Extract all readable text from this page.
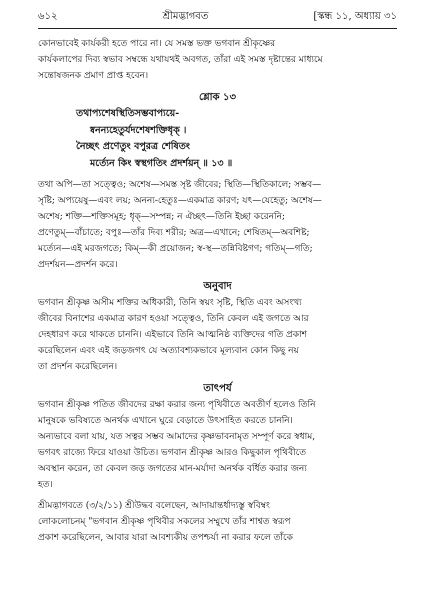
৬১২	শ্রীমদ্ভাগবত	[স্কন্ধ ১১, অধ্যায় ৩১

কোনভাবেই কার্যকরী হতে পারে না। যে সমস্ত ভক্ত ভগবান শ্রীকৃষ্ণের

কার্যকলাপের দিব্য স্বভাব সম্বন্ধে যথাযথই অবগত, তাঁরা এই সমস্ত দৃষ্টান্তের মাধ্যমে

সন্তোষজনক প্রমাণ প্রাপ্ত হবেন।

শ্লোক ১৩
তথাপ্যশেষস্থিতিসম্ভবাপ্যয়ে-
ষ্বনন্যহেতুর্যদশেষশক্তিধৃক্ ।
নৈচ্ছৎ প্রণেতুং বপুরত্র শেষিতং
মর্ত্যেন কিং স্বস্থগতিং প্রদর্শয়ন্ ॥ ১৩ ॥

তথা অপি—তা সত্ত্বেও; অশেষ—সমস্ত সৃষ্ট জীবের; স্থিতি—স্থিতিকালে; সম্ভব—

সৃষ্টি; অপ্যয়েষু—এবং লয়; অনন্য-হেতুঃ—একমাত্র কারণ; যৎ—যেহেতু; অশেষ—

অশেষ; শক্তি—শক্তিসমূহ; ধৃক্—সম্পন্ন; ন ঐচ্ছৎ—তিনি ইচ্ছা করেননি;

প্রণেতুম্—বাঁচাতে; বপুঃ—তাঁর দিব্য শরীর; অত্র—এখানে; শেষিতম্—অবশিষ্ট;

মর্ত্যেন—এই মরজগতে; কিম্—কী প্রয়োজন; স্ব-স্থ—তন্নিবিষ্টগণ; গতিম্—গতি;

প্রদর্শয়ন—প্রদর্শন করে।

অনুবাদ

ভগবান শ্রীকৃষ্ণ অসীম শক্তির অধিকারী, তিনি স্বয়ং সৃষ্টি, স্থিতি এবং অসংখ্য

জীবের বিনাশের একমাত্র কারণ হওয়া সত্ত্বেও, তিনি কেবল এই জগতে আর

দেহধারণ করে থাকতে চাননি। এইভাবে তিনি আত্মনিষ্ঠ ব্যক্তিদের গতি প্রকাশ

করেছিলেন এবং এই জড়জগৎ যে অত্যাবশ্যকভাবে মূল্যবান কোন কিছু নয়

তা প্রদর্শন করেছিলেন।

তাৎপর্য

ভগবান শ্রীকৃষ্ণ পতিত জীবদের রক্ষা করার জন্য পৃথিবীতে অবতীর্ণ হলেও তিনি

মানুষকে ভবিষ্যতে অনর্থক এখানে ঘুরে বেড়াতে উৎসাহিত করতে চাননি।

অন্যভাবে বলা যায়, যত সত্বর সম্ভব আমাদের কৃষ্ণভাবনামৃত সম্পূর্ণ করে স্বধাম,

ভগবৎ রাজ্যে ফিরে যাওয়া উচিত। ভগবান শ্রীকৃষ্ণ আরও কিছুকাল পৃথিবীতে

অবস্থান করেন, তা কেবল জড় জগতের মান-মর্যাদা অনর্থক বর্ধিত করার জন্য

হত।

শ্রীমদ্ভাগবতে (৩/২/১১) শ্রীউদ্ধব বলেছেন, আদায়ান্তর্ধাদ্যস্তু স্ববিম্বং

লোকলোচনম্ "ভগবান শ্রীকৃষ্ণ পৃথিবীর সকলের সম্মুখে তাঁর শাশ্বত স্বরূপ

প্রকাশ করেছিলেন, আবার যারা আবশ্যকীয় তপশ্চর্যা না করার ফলে তাঁকে
